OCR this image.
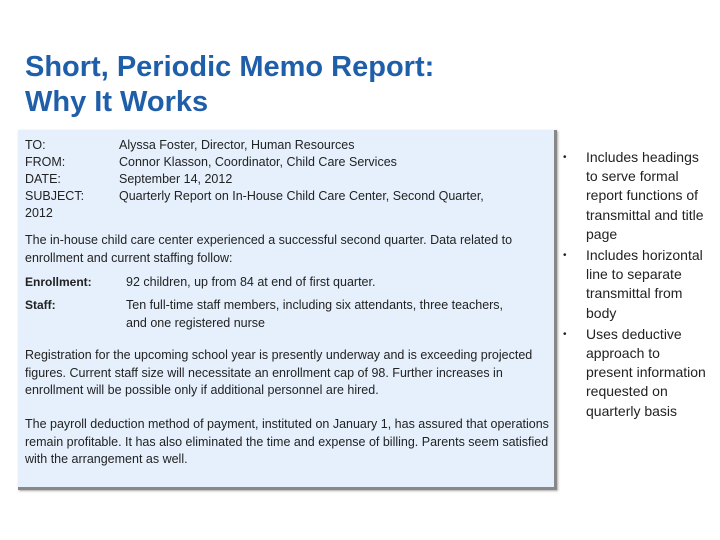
Short, Periodic Memo Report:
Why It Works
TO:	Alyssa Foster, Director, Human Resources
FROM:	Connor Klasson, Coordinator, Child Care Services
DATE:	September 14, 2012
SUBJECT:	Quarterly Report on In-House Child Care Center, Second Quarter,
2012
The in-house child care center experienced a successful second quarter. Data related to enrollment and current staffing follow:
Enrollment:	92 children, up from 84 at end of first quarter.
Staff:	Ten full-time staff members, including six attendants, three teachers, and one registered nurse
Registration for the upcoming school year is presently underway and is exceeding projected figures. Current staff size will necessitate an enrollment cap of 98. Further increases in enrollment will be possible only if additional personnel are hired.
The payroll deduction method of payment, instituted on January 1, has assured that operations remain profitable. It has also eliminated the time and expense of billing. Parents seem satisfied with the arrangement as well.
•	Includes headings to serve formal report functions of transmittal and title page
•	Includes horizontal line to separate transmittal from body
•	Uses deductive approach to present information requested on quarterly basis
